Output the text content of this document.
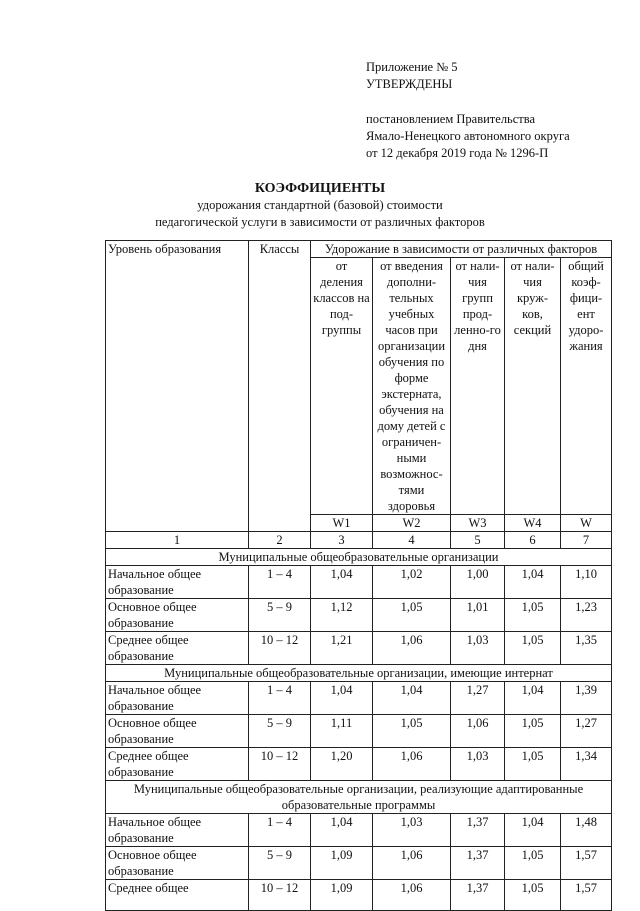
Приложение № 5
УТВЕРЖДЕНЫ
постановлением Правительства
Ямало-Ненецкого автономного округа
от 12 декабря 2019 года № 1296-П
КОЭФФИЦИЕНТЫ
удорожания стандартной (базовой) стоимости
педагогической услуги в зависимости от различных факторов
Уровень образования	Классы	Удорожание в зависимости от различных факторов				
		от деления классов на под-группы	от введения дополни-тельных учебных часов при организации обучения по форме экстерната, обучения на дому детей с ограничен-ными возможнос-тями здоровья	от нали-чия групп прод-ленно-го дня	от нали-чия круж-ков, секций	общий коэф-фици-ент удоро-жания
		W1	W2	W3	W4	W
1	2	3	4	5	6	7
Муниципальные общеобразовательные организации						
Начальное общее образование	1 – 4	1,04	1,02	1,00	1,04	1,10
Основное общее образование	5 – 9	1,12	1,05	1,01	1,05	1,23
Среднее общее образование	10 – 12	1,21	1,06	1,03	1,05	1,35
Муниципальные общеобразовательные организации, имеющие интернат						
Начальное общее образование	1 – 4	1,04	1,04	1,27	1,04	1,39
Основное общее образование	5 – 9	1,11	1,05	1,06	1,05	1,27
Среднее общее образование	10 – 12	1,20	1,06	1,03	1,05	1,34
Муниципальные общеобразовательные организации, реализующие адаптированные образовательные программы						
Начальное общее образование	1 – 4	1,04	1,03	1,37	1,04	1,48
Основное общее образование	5 – 9	1,09	1,06	1,37	1,05	1,57
Среднее общее	10 – 12	1,09	1,06	1,37	1,05	1,57
